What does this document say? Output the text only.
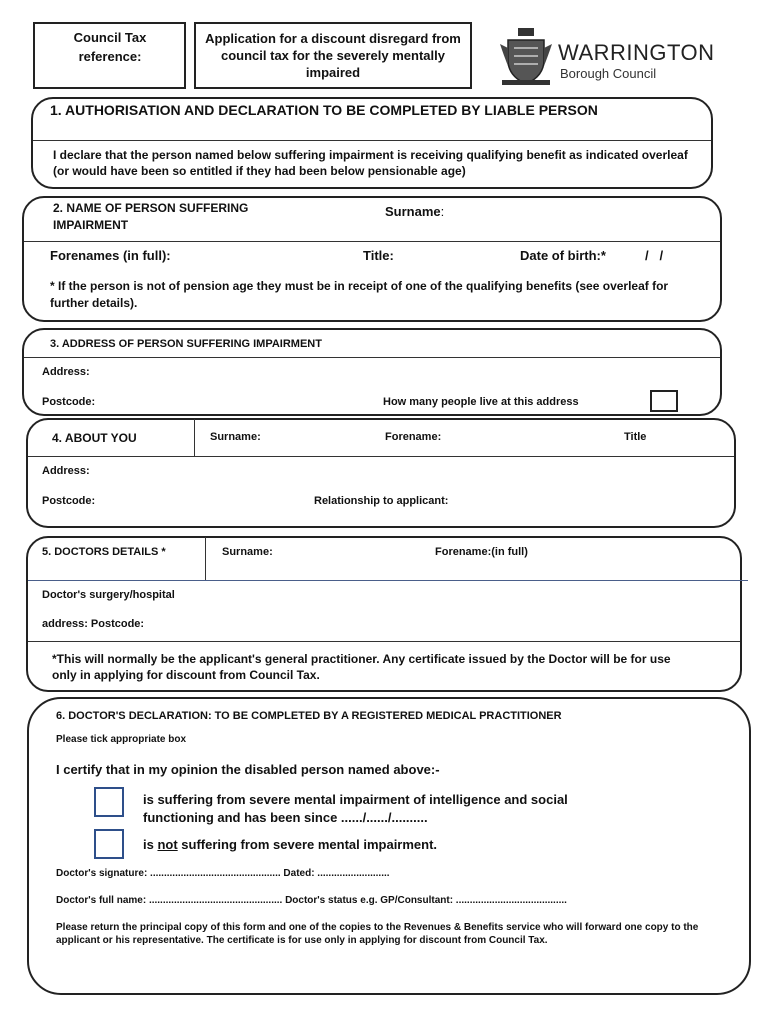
Council Tax reference:
Application for a discount disregard from council tax for the severely mentally impaired
WARRINGTON
Borough Council
1. AUTHORISATION AND DECLARATION TO BE COMPLETED BY LIABLE PERSON
I declare that the person named below suffering impairment is receiving qualifying benefit as indicated overleaf (or would have been so entitled if they had been below pensionable age)
2. NAME OF PERSON SUFFERING IMPAIRMENT
Surname:
Forenames (in full):	Title:	Date of birth:*	/   /
* If the person is not of pension age they must be in receipt of one of the qualifying benefits (see overleaf for further details).
3. ADDRESS OF PERSON SUFFERING IMPAIRMENT
Address:
Postcode:	How many people live at this address
4. ABOUT YOU	Surname:	Forename:	Title
Address:
Postcode:	Relationship to applicant:
5. DOCTORS DETAILS *	Surname:	Forename:(in full)
Doctor's surgery/hospital
address: Postcode:
*This will normally be the applicant's general practitioner. Any certificate issued by the Doctor will be for use only in applying for discount from Council Tax.
6. DOCTOR'S DECLARATION: TO BE COMPLETED BY A REGISTERED MEDICAL PRACTITIONER
Please tick appropriate box
I certify that in my opinion the disabled person named above:-
is suffering from severe mental impairment of intelligence and social functioning and has been since ....../....../..........
is not suffering from severe mental impairment.
Doctor's signature: ............................................... Dated: ..........................
Doctor's full name: ................................................ Doctor's status e.g. GP/Consultant: ........................................
Please return the principal copy of this form and one of the copies to the Revenues & Benefits service who will forward one copy to the applicant or his representative. The certificate is for use only in applying for discount from Council Tax.
